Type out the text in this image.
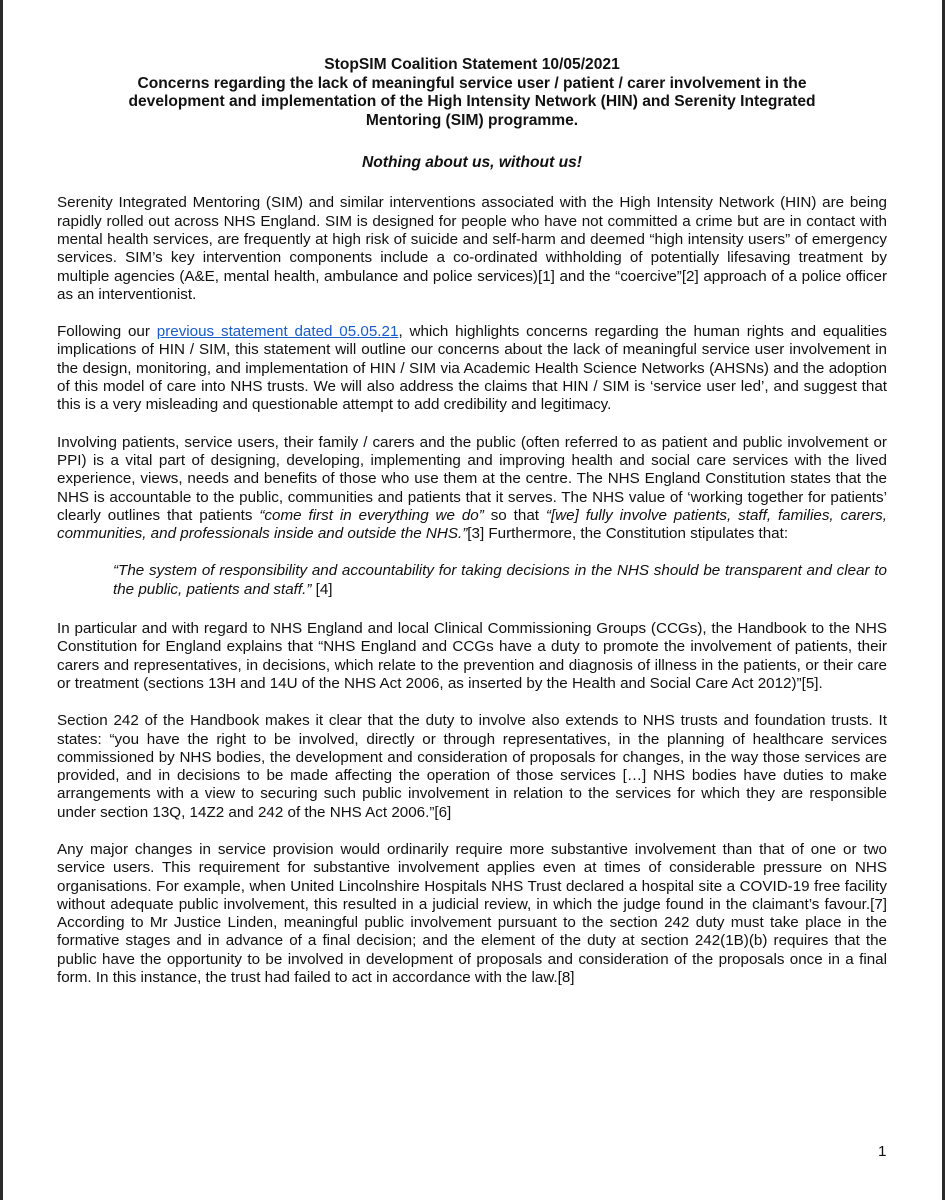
StopSIM Coalition Statement 10/05/2021
Concerns regarding the lack of meaningful service user / patient / carer involvement in the
development and implementation of the High Intensity Network (HIN) and Serenity Integrated
Mentoring (SIM) programme.
Nothing about us, without us!

Serenity Integrated Mentoring (SIM) and similar interventions associated with the High Intensity Network (HIN) are being rapidly rolled out across NHS England. SIM is designed for people who have not committed a crime but are in contact with mental health services, are frequently at high risk of suicide and self-harm and deemed “high intensity users” of emergency services. SIM’s key intervention components include a co-ordinated withholding of potentially lifesaving treatment by multiple agencies (A&E, mental health, ambulance and police services)[1] and the “coercive”[2] approach of a police officer as an interventionist.

Following our previous statement dated 05.05.21, which highlights concerns regarding the human rights and equalities implications of HIN / SIM, this statement will outline our concerns about the lack of meaningful service user involvement in the design, monitoring, and implementation of HIN / SIM via Academic Health Science Networks (AHSNs) and the adoption of this model of care into NHS trusts. We will also address the claims that HIN / SIM is ‘service user led’, and suggest that this is a very misleading and questionable attempt to add credibility and legitimacy.

Involving patients, service users, their family / carers and the public (often referred to as patient and public involvement or PPI) is a vital part of designing, developing, implementing and improving health and social care services with the lived experience, views, needs and benefits of those who use them at the centre. The NHS England Constitution states that the NHS is accountable to the public, communities and patients that it serves. The NHS value of ‘working together for patients’ clearly outlines that patients “come first in everything we do” so that “[we] fully involve patients, staff, families, carers, communities, and professionals inside and outside the NHS.”[3] Furthermore, the Constitution stipulates that:

“The system of responsibility and accountability for taking decisions in the NHS should be transparent and clear to the public, patients and staff.” [4]

In particular and with regard to NHS England and local Clinical Commissioning Groups (CCGs), the Handbook to the NHS Constitution for England explains that “NHS England and CCGs have a duty to promote the involvement of patients, their carers and representatives, in decisions, which relate to the prevention and diagnosis of illness in the patients, or their care or treatment (sections 13H and 14U of the NHS Act 2006, as inserted by the Health and Social Care Act 2012)”[5].

Section 242 of the Handbook makes it clear that the duty to involve also extends to NHS trusts and foundation trusts. It states: “you have the right to be involved, directly or through representatives, in the planning of healthcare services commissioned by NHS bodies, the development and consideration of proposals for changes, in the way those services are provided, and in decisions to be made affecting the operation of those services […] NHS bodies have duties to make arrangements with a view to securing such public involvement in relation to the services for which they are responsible under section 13Q, 14Z2 and 242 of the NHS Act 2006.”[6]

Any major changes in service provision would ordinarily require more substantive involvement than that of one or two service users. This requirement for substantive involvement applies even at times of considerable pressure on NHS organisations. For example, when United Lincolnshire Hospitals NHS Trust declared a hospital site a COVID-19 free facility without adequate public involvement, this resulted in a judicial review, in which the judge found in the claimant’s favour.[7] According to Mr Justice Linden, meaningful public involvement pursuant to the section 242 duty must take place in the formative stages and in advance of a final decision; and the element of the duty at section 242(1B)(b) requires that the public have the opportunity to be involved in development of proposals and consideration of the proposals once in a final form. In this instance, the trust had failed to act in accordance with the law.[8]

1
